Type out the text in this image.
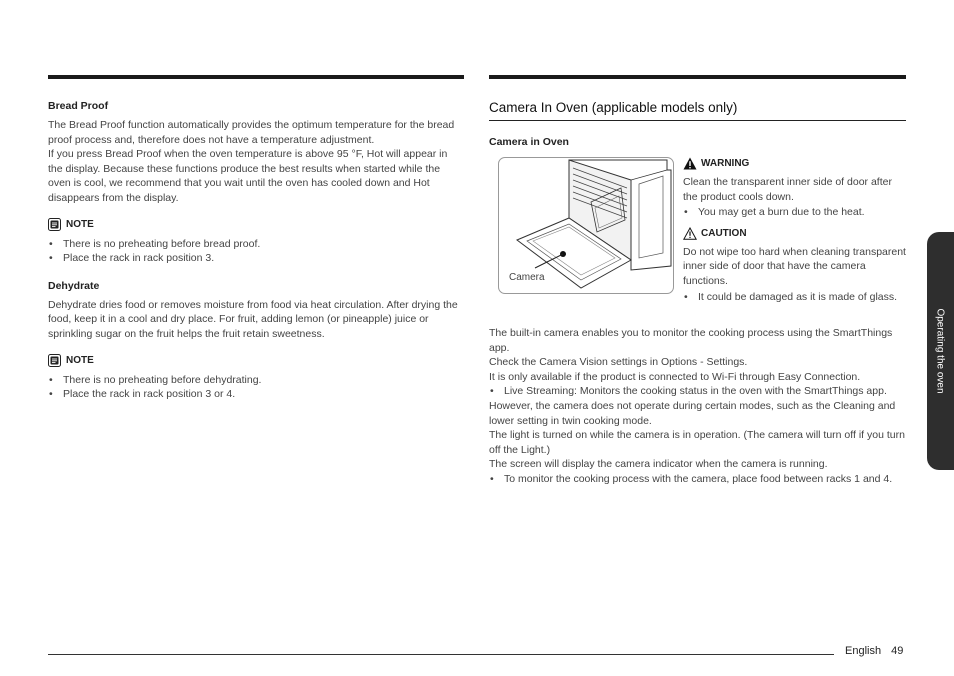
Bread Proof

The Bread Proof function automatically provides the optimum temperature for the bread proof process and, therefore does not have a temperature adjustment.

If you press Bread Proof when the oven temperature is above 95 °F, Hot will appear in the display. Because these functions produce the best results when started while the oven is cool, we recommend that you wait until the oven has cooled down and Hot disappears from the display.

NOTE
• There is no preheating before bread proof.
• Place the rack in rack position 3.
Dehydrate

Dehydrate dries food or removes moisture from food via heat circulation. After drying the food, keep it in a cool and dry place. For fruit, adding lemon (or pineapple) juice or sprinkling sugar on the fruit helps the fruit retain sweetness.

NOTE
• There is no preheating before dehydrating.
• Place the rack in rack position 3 or 4.
Camera In Oven (applicable models only)
Camera in Oven
Camera
WARNING
Clean the transparent inner side of door after the product cools down.
• You may get a burn due to the heat.
CAUTION
Do not wipe too hard when cleaning transparent inner side of door that have the camera functions.
• It could be damaged as it is made of glass.

The built-in camera enables you to monitor the cooking process using the SmartThings app.

Check the Camera Vision settings in Options - Settings.

It is only available if the product is connected to Wi-Fi through Easy Connection.

• Live Streaming: Monitors the cooking status in the oven with the SmartThings app.

However, the camera does not operate during certain modes, such as the Cleaning and lower setting in twin cooking mode.

The light is turned on while the camera is in operation. (The camera will turn off if you turn off the Light.)

The screen will display the camera indicator when the camera is running.

• To monitor the cooking process with the camera, place food between racks 1 and 4.
Operating the oven
English 49
